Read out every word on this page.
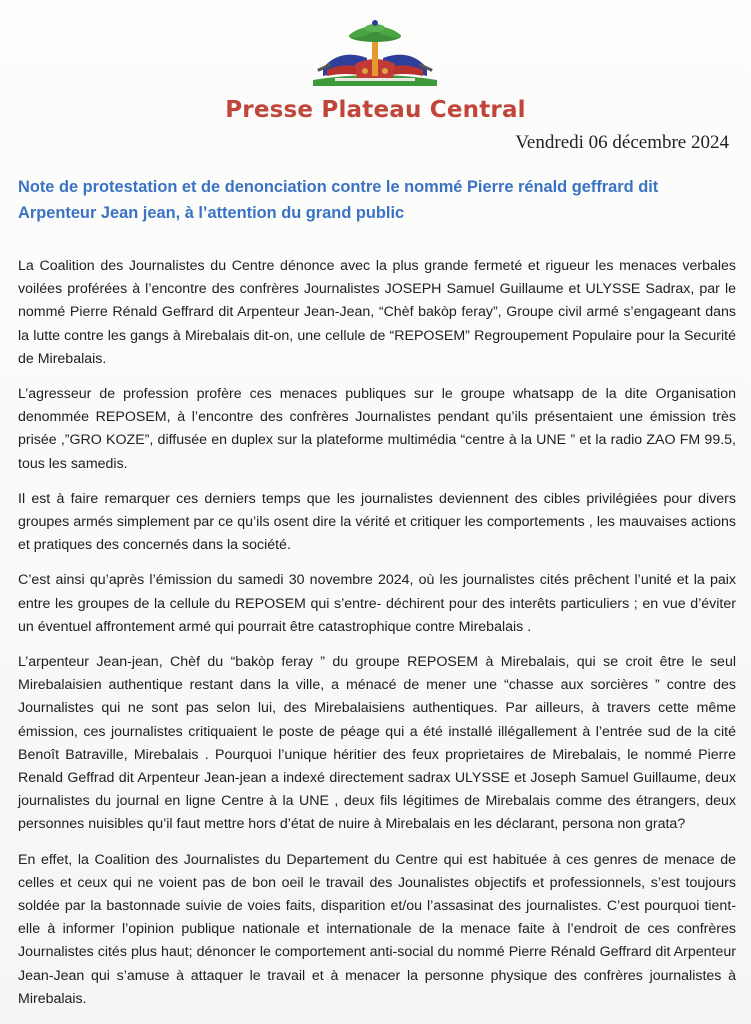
Presse Plateau Central

Vendredi 06 décembre 2024

Note de protestation et de denonciation contre le nommé Pierre rénald geffrard dit
Arpenteur Jean jean, à l’attention du grand public

La Coalition des Journalistes du Centre dénonce avec la plus grande fermeté et rigueur les menaces verbales voilées proférées à l’encontre des confrères Journalistes JOSEPH Samuel Guillaume et ULYSSE Sadrax, par le nommé Pierre Rénald Geffrard dit Arpenteur Jean-Jean, “Chèf bakòp feray”, Groupe civil armé s’engageant dans la lutte contre les gangs à Mirebalais dit-on, une cellule de “REPOSEM” Regroupement Populaire pour la Securité de Mirebalais.

L’agresseur de profession profère ces menaces publiques sur le groupe whatsapp de la dite Organisation denommée REPOSEM, à l’encontre des confrères Journalistes pendant qu’ils présentaient une émission très prisée ,”GRO KOZE”, diffusée en duplex sur la plateforme multimédia “centre à la UNE ” et la radio ZAO FM 99.5, tous les samedis.

Il est à faire remarquer ces derniers temps que les journalistes deviennent des cibles privilégiées pour divers groupes armés simplement par ce qu’ils osent dire la vérité et critiquer les comportements , les mauvaises actions et pratiques des concernés dans la société.

C’est ainsi qu’après l’émission du samedi 30 novembre 2024, où les journalistes cités prêchent l’unité et la paix entre les groupes de la cellule du REPOSEM qui s’entre- déchirent pour des interêts particuliers ; en vue d’éviter un éventuel affrontement armé qui pourrait être catastrophique contre Mirebalais .

L’arpenteur Jean-jean, Chèf du “bakòp feray ” du groupe REPOSEM à Mirebalais, qui se croit être le seul Mirebalaisien authentique restant dans la ville, a ménacé de mener une “chasse aux sorcières ” contre des Journalistes qui ne sont pas selon lui, des Mirebalaisiens authentiques. Par ailleurs, à travers cette même émission, ces journalistes critiquaient le poste de péage qui a été installé illégallement à l’entrée sud de la cité Benoît Batraville, Mirebalais . Pourquoi l’unique héritier des feux proprietaires de Mirebalais, le nommé Pierre Renald Geffrad dit Arpenteur Jean-jean a indexé directement sadrax ULYSSE et Joseph Samuel Guillaume, deux journalistes du journal en ligne Centre à la UNE , deux fils légitimes de Mirebalais comme des étrangers, deux personnes nuisibles qu’il faut mettre hors d’état de nuire à Mirebalais en les déclarant, persona non grata?

En effet, la Coalition des Journalistes du Departement du Centre qui est habituée à ces genres de menace de celles et ceux qui ne voient pas de bon oeil le travail des Jounalistes objectifs et professionnels, s’est toujours soldée par la bastonnade suivie de voies faits, disparition et/ou l’assasinat des journalistes. C’est pourquoi tient-elle à informer l’opinion publique nationale et internationale de la menace faite à l’endroit de ces confrères Journalistes cités plus haut; dénoncer le comportement anti-social du nommé Pierre Rénald Geffrard dit Arpenteur Jean-Jean qui s’amuse à attaquer le travail et à menacer la personne physique des confrères journalistes à Mirebalais.
